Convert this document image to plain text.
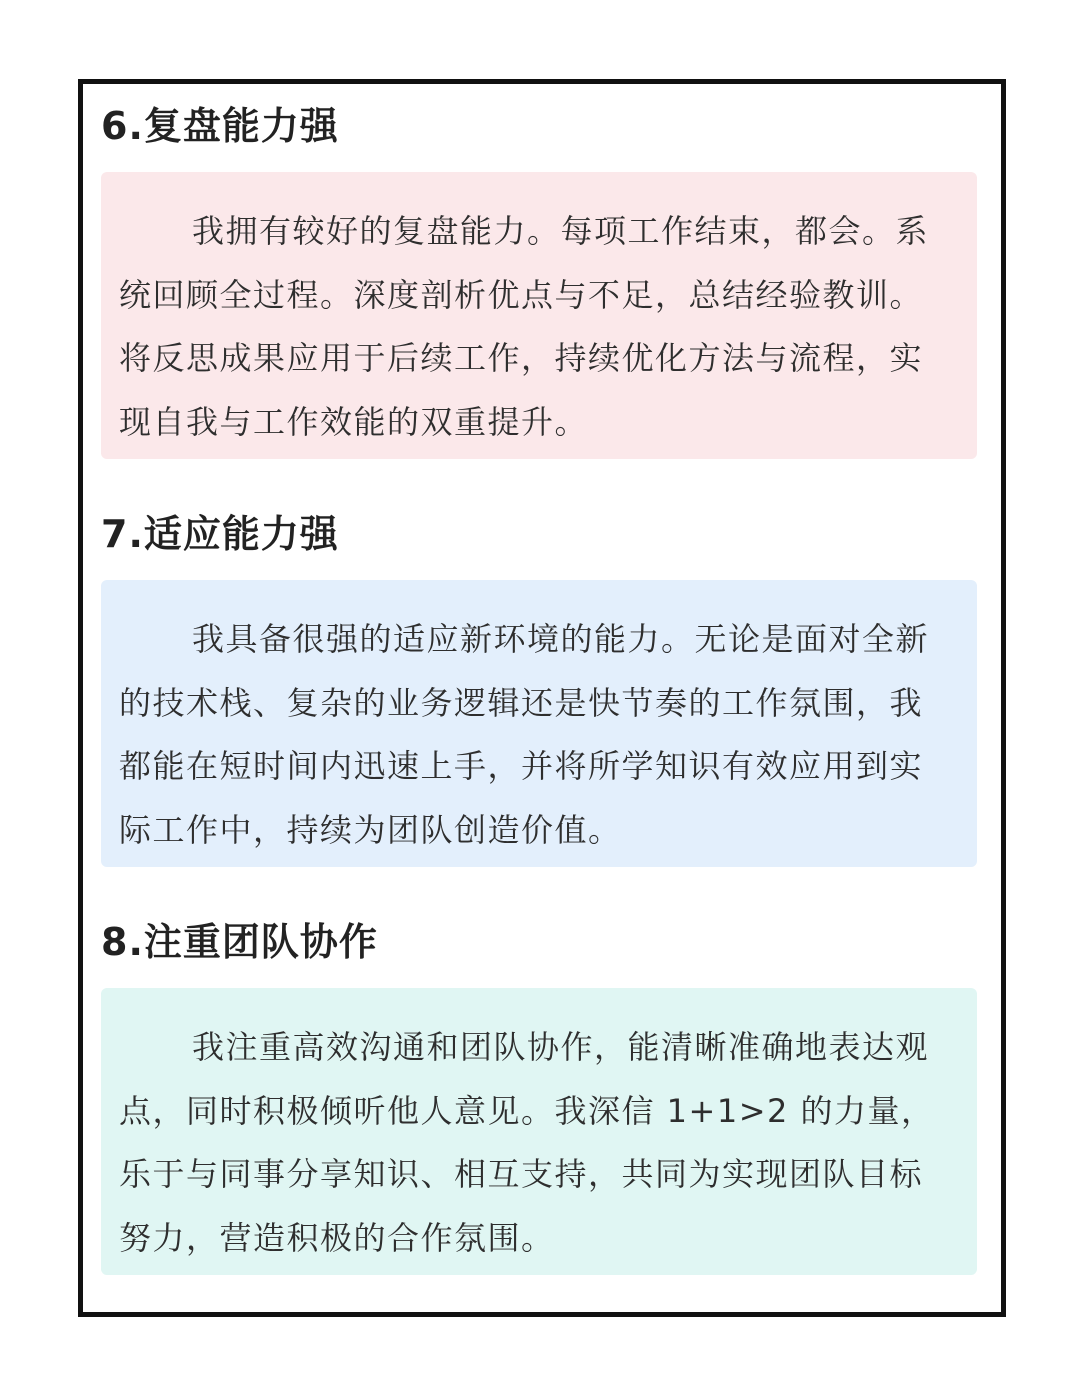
6.复盘能力强

我拥有较好的复盘能力。每项工作结束，都会。系统回顾全过程。深度剖析优点与不足，总结经验教训。将反思成果应用于后续工作，持续优化方法与流程，实现自我与工作效能的双重提升。

7.适应能力强

我具备很强的适应新环境的能力。无论是面对全新的技术栈、复杂的业务逻辑还是快节奏的工作氛围，我都能在短时间内迅速上手，并将所学知识有效应用到实际工作中，持续为团队创造价值。

8.注重团队协作

我注重高效沟通和团队协作，能清晰准确地表达观点，同时积极倾听他人意见。我深信 1+1>2 的力量，乐于与同事分享知识、相互支持，共同为实现团队目标努力，营造积极的合作氛围。
